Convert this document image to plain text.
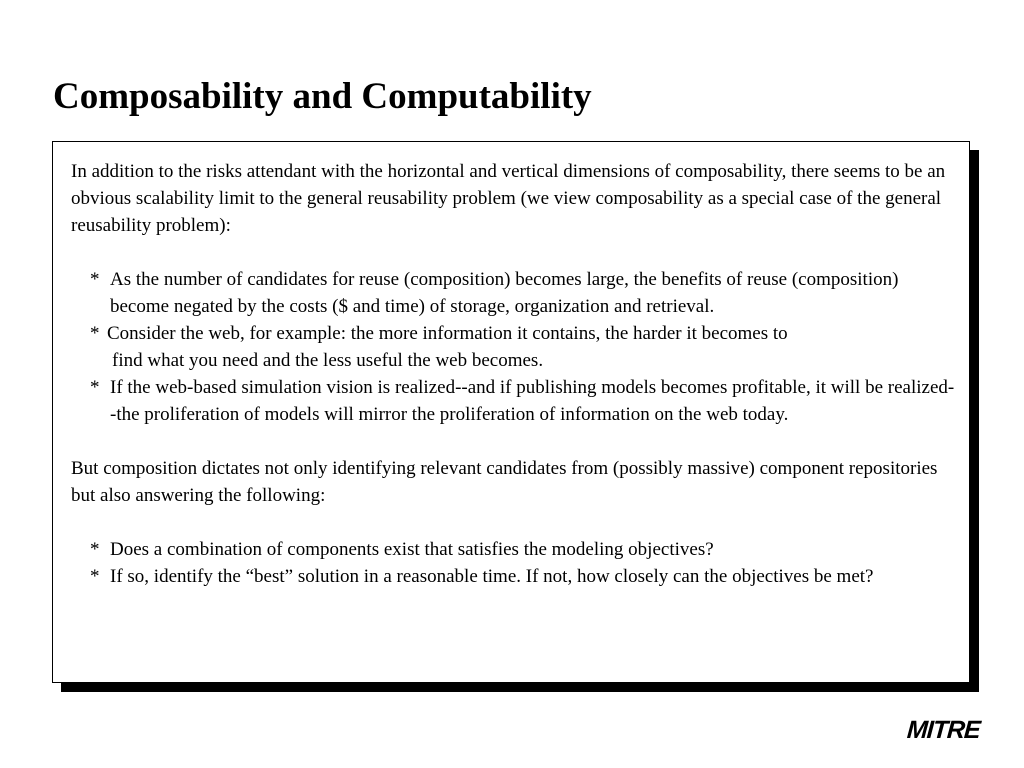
Composability and Computability

In addition to the risks attendant with the horizontal and vertical dimensions of composability, there seems to be an obvious scalability limit to the general reusability problem (we view composability as a special case of the general reusability problem):

* As the number of candidates for reuse (composition) becomes large, the benefits of reuse (composition) become negated by the costs ($ and time) of storage, organization and retrieval.
* Consider the web, for example: the more information it contains, the harder it becomes to
find what you need and the less useful the web becomes.
* If the web-based simulation vision is realized--and if publishing models becomes profitable, it will be realized--the proliferation of models will mirror the proliferation of information on the web today.

But composition dictates not only identifying relevant candidates from (possibly massive) component repositories but also answering the following:

* Does a combination of components exist that satisfies the modeling objectives?
* If so, identify the “best” solution in a reasonable time. If not, how closely can the objectives be met?
MITRE
